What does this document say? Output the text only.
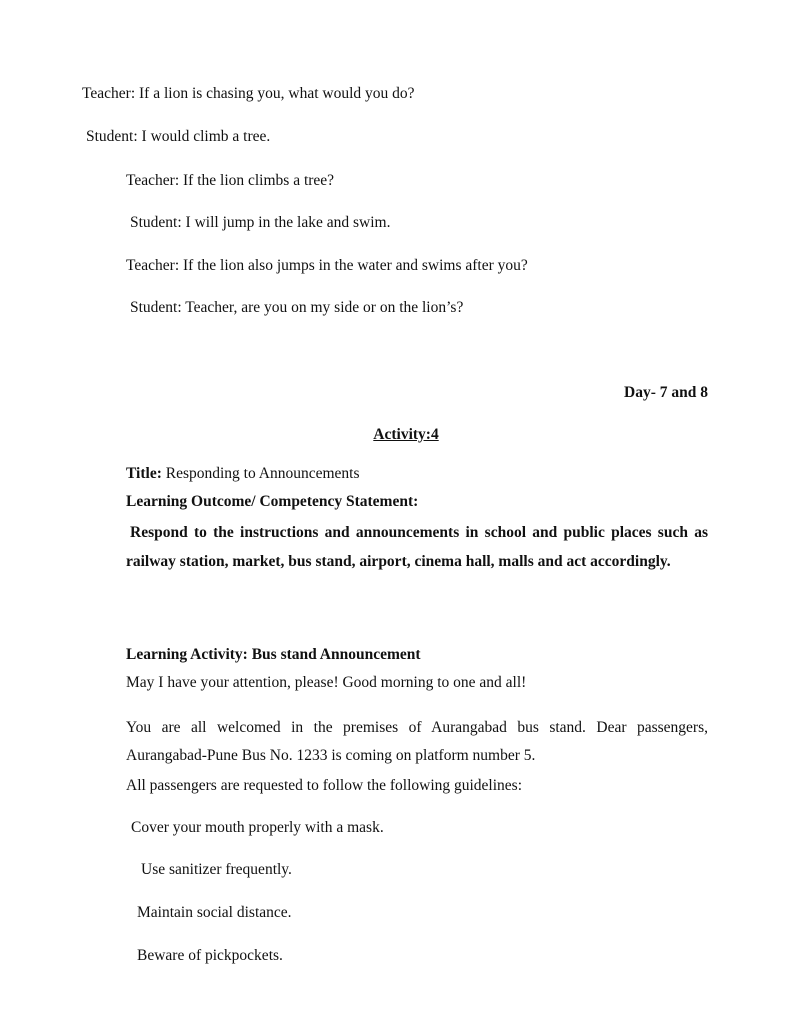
Teacher: If a lion is chasing you, what would you do?
Student: I would climb a tree.
Teacher: If the lion climbs a tree?
Student: I will jump in the lake and swim.
Teacher: If the lion also jumps in the water and swims after you?
Student: Teacher, are you on my side or on the lion’s?
Day- 7 and 8
Activity:4
Title: Responding to Announcements
Learning Outcome/ Competency Statement:
Respond to the instructions and announcements in school and public places such as railway station, market, bus stand, airport, cinema hall, malls and act accordingly.
Learning Activity: Bus stand Announcement
May I have your attention, please! Good morning to one and all!
You are all welcomed in the premises of Aurangabad bus stand. Dear passengers, Aurangabad-Pune Bus No. 1233 is coming on platform number 5.
All passengers are requested to follow the following guidelines:
Cover your mouth properly with a mask.
Use sanitizer frequently.
Maintain social distance.
Beware of pickpockets.
